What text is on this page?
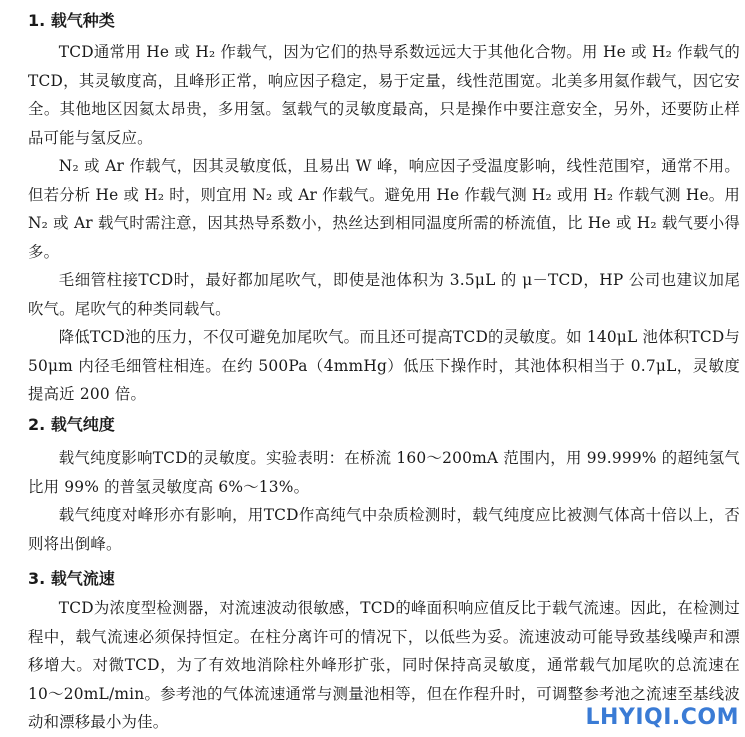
1. 载气种类

TCD通常用 He 或 H₂ 作载气，因为它们的热导系数远远大于其他化合物。用 He 或 H₂ 作载气的TCD，其灵敏度高，且峰形正常，响应因子稳定，易于定量，线性范围宽。北美多用氦作载气，因它安全。其他地区因氦太昂贵，多用氢。氢载气的灵敏度最高，只是操作中要注意安全，另外，还要防止样品可能与氢反应。

N₂ 或 Ar 作载气，因其灵敏度低，且易出 W 峰，响应因子受温度影响，线性范围窄，通常不用。但若分析 He 或 H₂ 时，则宜用 N₂ 或 Ar 作载气。避免用 He 作载气测 H₂ 或用 H₂ 作载气测 He。用 N₂ 或 Ar 载气时需注意，因其热导系数小，热丝达到相同温度所需的桥流值，比 He 或 H₂ 载气要小得多。

毛细管柱接TCD时，最好都加尾吹气，即使是池体积为 3.5μL 的 μ－TCD，HP 公司也建议加尾吹气。尾吹气的种类同载气。

降低TCD池的压力，不仅可避免加尾吹气。而且还可提高TCD的灵敏度。如 140μL 池体积TCD与 50μm 内径毛细管柱相连。在约 500Pa（4mmHg）低压下操作时，其池体积相当于 0.7μL，灵敏度提高近 200 倍。

2. 载气纯度

载气纯度影响TCD的灵敏度。实验表明：在桥流 160～200mA 范围内，用 99.999% 的超纯氢气比用 99% 的普氢灵敏度高 6%～13%。

载气纯度对峰形亦有影响，用TCD作高纯气中杂质检测时，载气纯度应比被测气体高十倍以上，否则将出倒峰。

3. 载气流速

TCD为浓度型检测器，对流速波动很敏感，TCD的峰面积响应值反比于载气流速。因此，在检测过程中，载气流速必须保持恒定。在柱分离许可的情况下，以低些为妥。流速波动可能导致基线噪声和漂移增大。对微TCD，为了有效地消除柱外峰形扩张，同时保持高灵敏度，通常载气加尾吹的总流速在 10～20mL/min。参考池的气体流速通常与测量池相等，但在作程升时，可调整参考池之流速至基线波动和漂移最小为佳。	LHYIQI.COM
